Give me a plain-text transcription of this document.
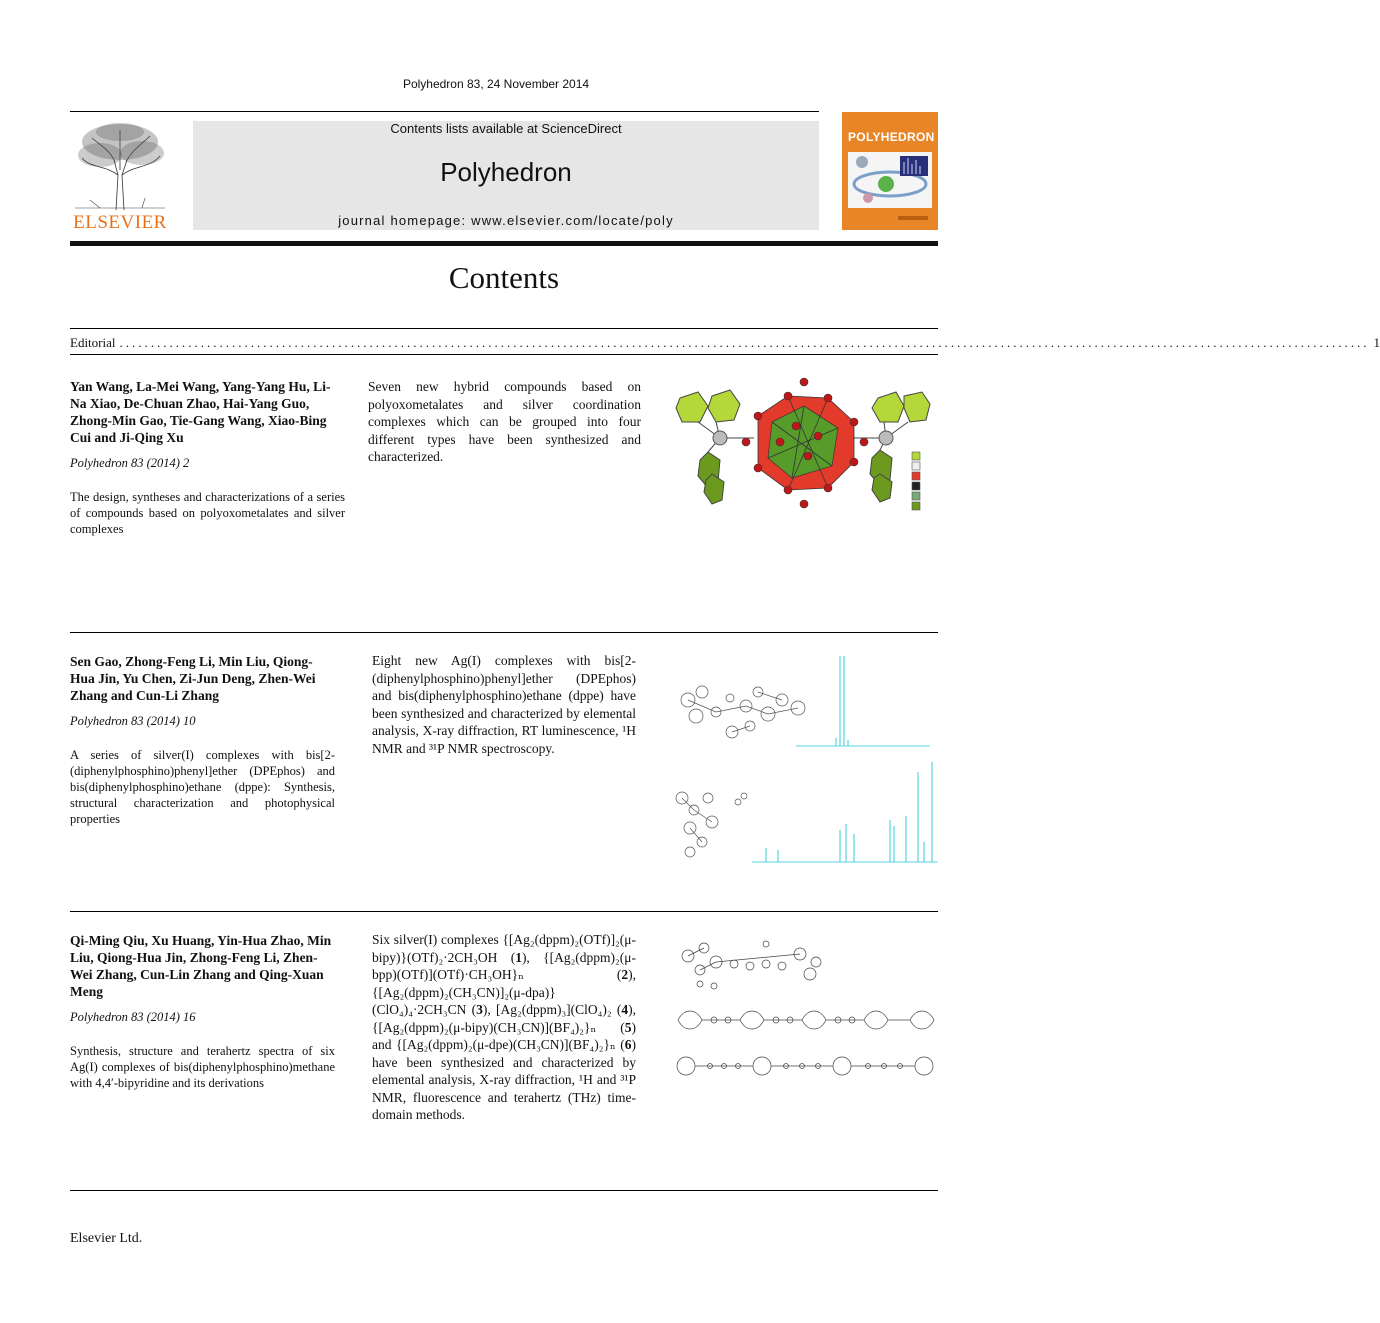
Polyhedron 83, 24 November 2014
ELSEVIER
Contents lists available at ScienceDirect
Polyhedron
journal homepage: www.elsevier.com/locate/poly
POLYHEDRON
Contents
Editorial ........................................................................................................................................................................................................ 1
Yan Wang, La-Mei Wang, Yang-Yang Hu, Li-Na Xiao, De-Chuan Zhao, Hai-Yang Guo, Zhong-Min Gao, Tie-Gang Wang, Xiao-Bing Cui and Ji-Qing Xu
Polyhedron 83 (2014) 2
The design, syntheses and characterizations of a series of compounds based on polyoxometalates and silver complexes
Seven new hybrid compounds based on polyoxometalates and silver coordination complexes which can be grouped into four different types have been synthesized and characterized.
Sen Gao, Zhong-Feng Li, Min Liu, Qiong-Hua Jin, Yu Chen, Zi-Jun Deng, Zhen-Wei Zhang and Cun-Li Zhang
Polyhedron 83 (2014) 10
A series of silver(I) complexes with bis[2-(diphenylphosphino)phenyl]ether (DPEphos) and bis(diphenylphosphino)ethane (dppe): Synthesis, structural characterization and photophysical properties
Eight new Ag(I) complexes with bis[2-(diphenylphosphino)phenyl]ether (DPEphos) and bis(diphenylphosphino)ethane (dppe) have been synthesized and characterized by elemental analysis, X-ray diffraction, RT luminescence, ¹H NMR and ³¹P NMR spectroscopy.
Qi-Ming Qiu, Xu Huang, Yin-Hua Zhao, Min Liu, Qiong-Hua Jin, Zhong-Feng Li, Zhen-Wei Zhang, Cun-Lin Zhang and Qing-Xuan Meng
Polyhedron 83 (2014) 16
Synthesis, structure and terahertz spectra of six Ag(I) complexes of bis(diphenylphosphino)methane with 4,4′-bipyridine and its derivations
Six silver(I) complexes {[Ag₂(dppm)₂(OTf)]₂(μ-bipy)}(OTf)₂·2CH₃OH (1), {[Ag₂(dppm)₂(μ-bpp)(OTf)](OTf)·CH₃OH}ₙ (2), {[Ag₂(dppm)₂(CH₃CN)]₂(μ-dpa)}(ClO₄)₄·2CH₃CN (3), [Ag₂(dppm)₃](ClO₄)₂ (4), {[Ag₂(dppm)₂(μ-bipy)(CH₃CN)](BF₄)₂}ₙ (5) and {[Ag₂(dppm)₂(μ-dpe)(CH₃CN)](BF₄)₂}ₙ (6) have been synthesized and characterized by elemental analysis, X-ray diffraction, ¹H and ³¹P NMR, fluorescence and terahertz (THz) time-domain methods.
Elsevier Ltd.
